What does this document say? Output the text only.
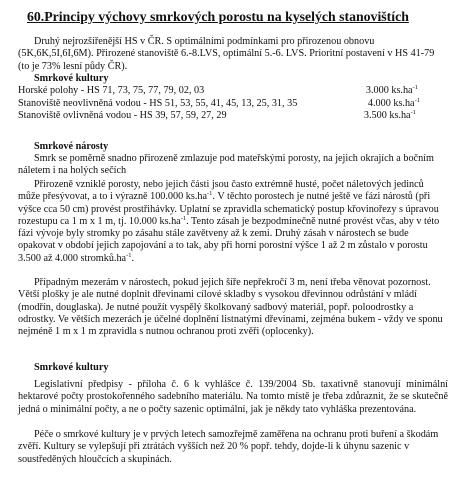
60.Principy výchovy smrkových porostu na kyselých stanovištích
Druhý nejrozšířenější HS v ČR. S optimálními podmínkami pro přirozenou obnovu (5K,6K,5I,6I,6M). Přirozené stanoviště 6.-8.LVS, optimální 5.-6. LVS. Prioritní postavení v HS 41-79 (to je 73% lesní půdy ČR).
Smrkové kultury
Horské polohy - HS 71, 73, 75, 77, 79, 02, 03	3.000 $ks.ha^{-1}$
Stanoviště neovlivněná vodou - HS 51, 53, 55, 41, 45, 13, 25, 31, 35	4.000 $ks.ha^{-1}$
Stanoviště ovlivněná vodou - HS 39, 57, 59, 27, 29	3.500 $ks.ha^{-1}$
Smrkové nárosty
Smrk se poměrně snadno přirozeně zmlazuje pod mateřskými porosty, na jejich okrajích a bočním náletem i na holých sečích
Přirozeně vzniklé porosty, nebo jejich části jsou často extrémně husté, počet náletových jedinců může přesývovat, a to i výrazně 100.000 $ks.ha^{-1}$. V těchto porostech je nutné ještě ve fázi nárostů (při výšce cca 50 cm) provést prostřihávky. Uplatní se zpravidla schematický postup křovinořezy s úpravou rozestupu ca 1 m x 1 m, tj. 10.000 $ks.ha^{-1}$. Tento zásah je bezpodmínečně nutné provést včas, aby v této fázi vývoje byly stromky po zásahu stále zavětveny až k zemi. Druhý zásah v nárostech se bude opakovat v období jejich zapojování a to tak, aby při horní porostní výšce 1 až 2 m zůstalo v porostu 3.500 až 4.000 $stromků.ha^{-1}$.
Případným mezerám v nárostech, pokud jejich šíře nepřekročí 3 m, není třeba věnovat pozornost. Větší plošky je ale nutné doplnit dřevinami cílové skladby s vysokou dřevinnou odrůstání v mládí (modřín, douglaska). Je nutné použít vyspělý školkovaný sadbový materiál, popř. poloodrostky a odrostky. Ve větších mezerách je účelné doplnění listnatými dřevinami, zejména bukem - vždy ve sponu nejméně 1 m x 1 m zpravidla s nutnou ochranou proti zvěři (oplocenky).
Smrkové kultury
Legislativní předpisy - příloha č. 6 k vyhlášce č. 139/2004 Sb. taxativně stanovují minimální hektarové počty prostokořenného sadebního materiálu. Na tomto místě je třeba zdůraznit, že se skutečně jedná o minimální počty, a ne o počty sazenic optimální, jak je někdy tato vyhláška prezentována.
Péče o smrkové kultury je v prvých letech samozřejmě zaměřena na ochranu proti buření a škodám zvěří. Kultury se vylepšují při ztrátách vyšších než 20 % popř. tehdy, dojde-li k úhynu sazenic v soustředěných hloučcích a skupinách.
